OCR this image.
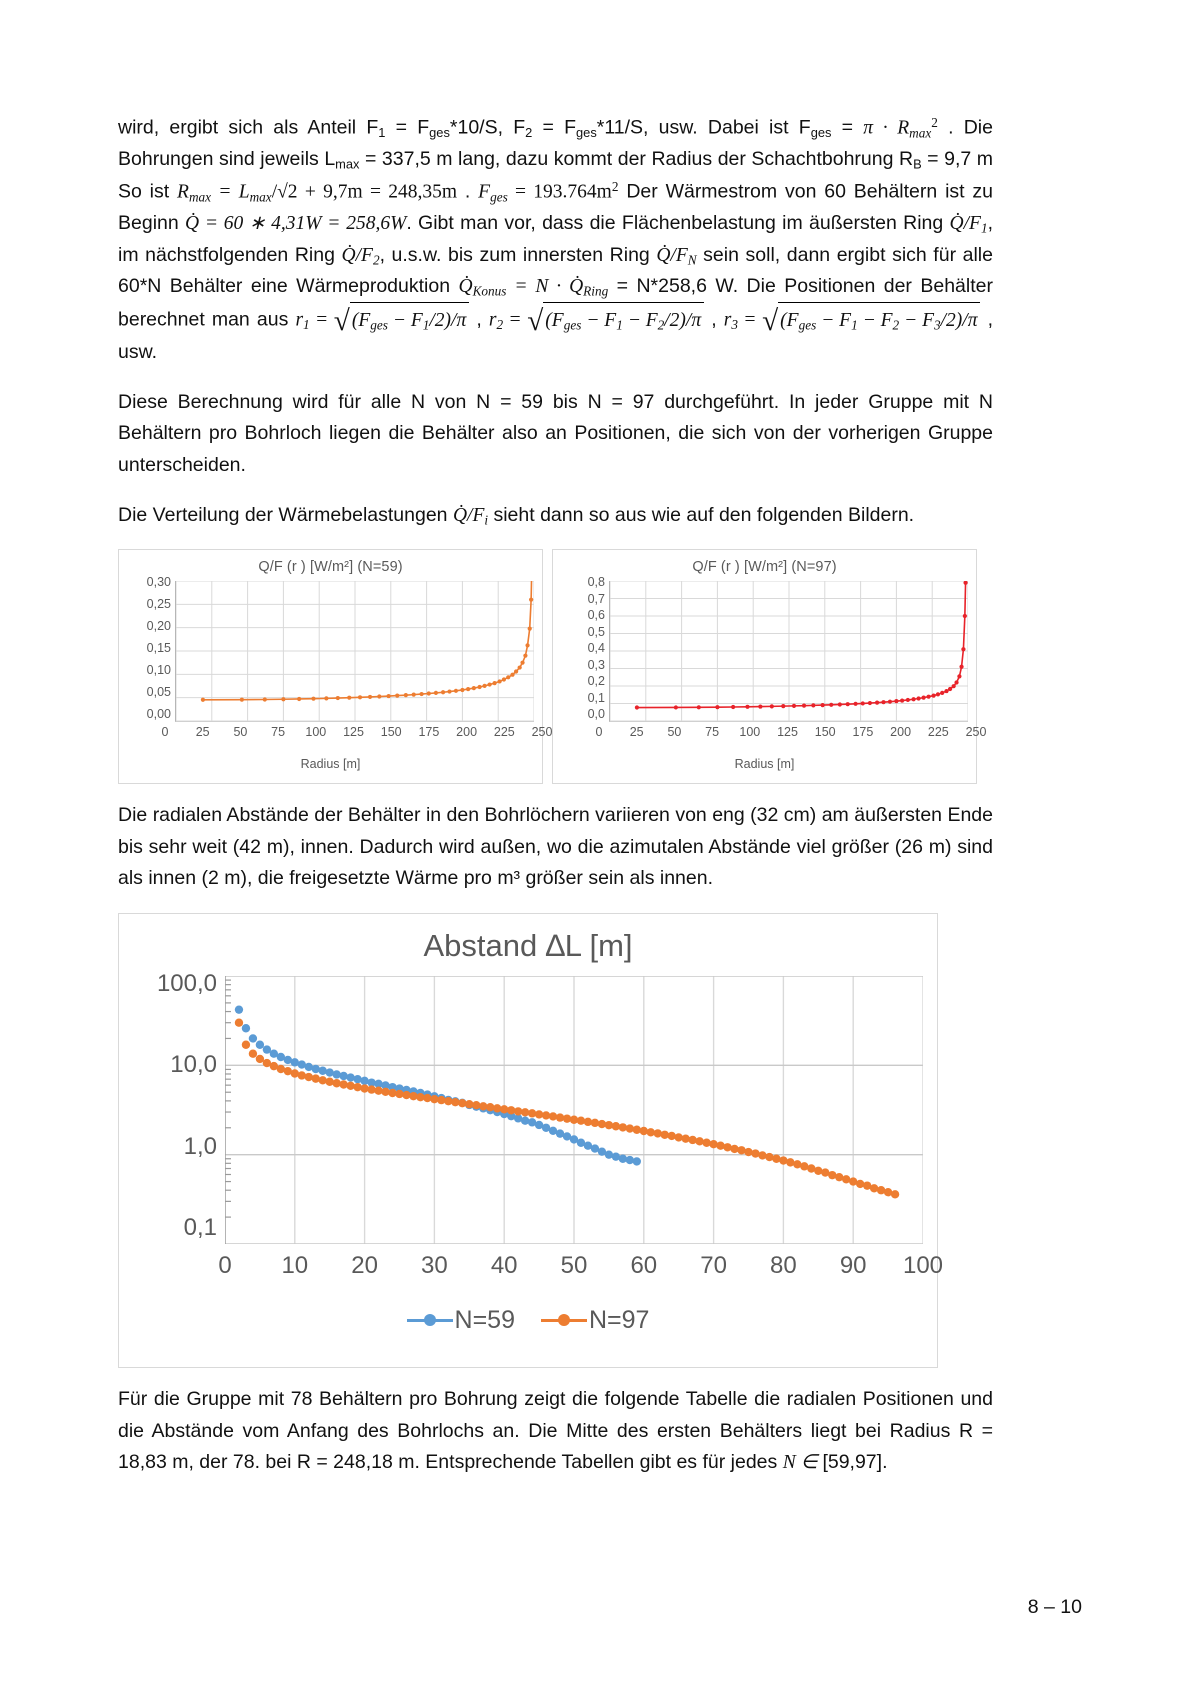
wird, ergibt sich als Anteil $F_1 = F_{ges}*10/S$, $F_2 = F_{ges}*11/S$, usw. Dabei ist $F_{ges} = \pi \cdot Rmax^2$ . Die Bohrungen sind jeweils $L_{max} = 337,5$ m lang, dazu kommt der Radius der Schachtbohrung $R_B = 9,7$ m So ist Rmax = Lmax/√2 + 9,7m = 248,35m . Fges = $193.764m^2$ Der Wärmestrom von 60 Behältern ist zu Beginn Q̇ = 60 ∗ 4,31W = 258,6W. Gibt man vor, dass die Flächenbelastung im äußersten Ring Q̇/F1, im nächstfolgenden Ring Q̇/F2, u.s.w. bis zum innersten Ring Q̇/FN sein soll, dann ergibt sich für alle 60*N Behälter eine Wärmeproduktion Q̇Konus = N · Q̇Ring = N*258,6 W. Die Positionen der Behälter berechnet man aus r1 = √ (Fges − F1/2)/π , r2 = √ (Fges − F1 − F2/2)/π , r3 = √ (Fges − F1 − F2 − F3/2)/π , usw.

Diese Berechnung wird für alle N von N = 59 bis N = 97 durchgeführt. In jeder Gruppe mit N Behältern pro Bohrloch liegen die Behälter also an Positionen, die sich von der vorherigen Gruppe unterscheiden.

Die Verteilung der Wärmebelastungen Q̇/Fi sieht dann so aus wie auf den folgenden Bildern.

Q/F (r ) [W/m²] (N=59)
0,30
0,25
0,20
0,15
0,10
0,05
0,00
0 25 50 75 100 125 150 175 200 225 250
Radius [m]
Q/F (r ) [W/m²] (N=97)
0,8
0,7
0,6
0,5
0,4
0,3
0,2
0,1
0,0
0 25 50 75 100 125 150 175 200 225 250
Radius [m]

Die radialen Abstände der Behälter in den Bohrlöchern variieren von eng (32 cm) am äußersten Ende bis sehr weit (42 m), innen. Dadurch wird außen, wo die azimutalen Abstände viel größer (26 m) sind als innen (2 m), die freigesetzte Wärme pro m³ größer sein als innen.

Abstand ∆L [m]
100,0
10,0
1,0
0,1
0 10 20 30 40 50 60 70 80 90 100
N=59	N=97

Für die Gruppe mit 78 Behältern pro Bohrung zeigt die folgende Tabelle die radialen Positionen und die Abstände vom Anfang des Bohrlochs an. Die Mitte des ersten Behälters liegt bei Radius R = 18,83 m, der 78. bei R = 248,18 m. Entsprechende Tabellen gibt es für jedes N ∈ [59,97].

8 – 10
